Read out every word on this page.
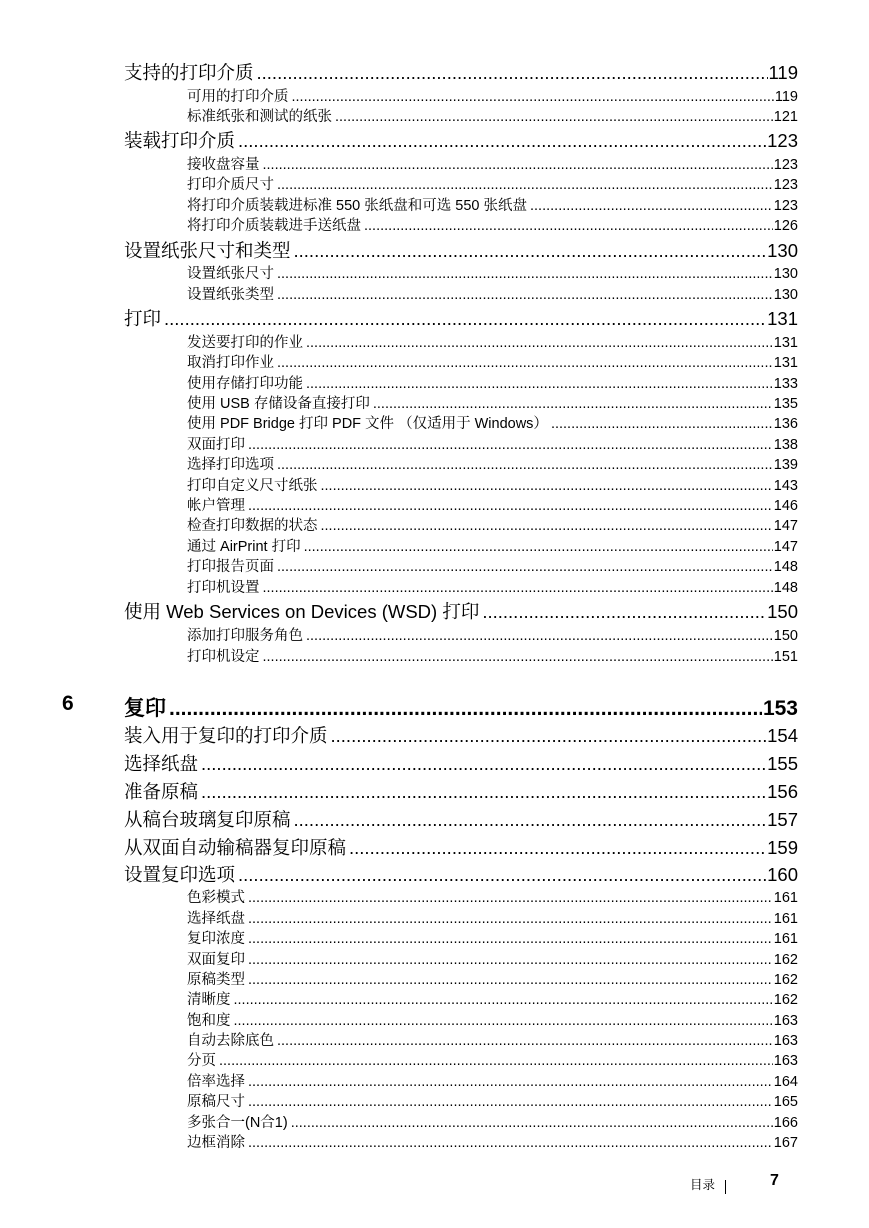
支持的打印介质 .....	119
可用的打印介质 .....	119
标准纸张和测试的纸张 .....	121
装载打印介质 .....	123
接收盘容量 .....	123
打印介质尺寸 .....	123
将打印介质装载进标准 550 张纸盘和可选 550 张纸盘 .....	123
将打印介质装载进手送纸盘 .....	126
设置纸张尺寸和类型 .....	130
设置纸张尺寸 .....	130
设置纸张类型 .....	130
打印 .....	131
发送要打印的作业 .....	131
取消打印作业 .....	131
使用存储打印功能 .....	133
使用 USB 存储设备直接打印 .....	135
使用 PDF Bridge 打印 PDF 文件 （仅适用于 Windows） .....	136
双面打印 .....	138
选择打印选项 .....	139
打印自定义尺寸纸张 .....	143
帐户管理 .....	146
检查打印数据的状态 .....	147
通过 AirPrint 打印 .....	147
打印报告页面 .....	148
打印机设置 .....	148
使用 Web Services on Devices (WSD) 打印 .....	150
添加打印服务角色 .....	150
打印机设定 .....	151
复印 .....	153
6
装入用于复印的打印介质 .....	154
选择纸盘 .....	155
准备原稿 .....	156
从稿台玻璃复印原稿 .....	157
从双面自动输稿器复印原稿 .....	159
设置复印选项 .....	160
色彩模式 .....	161
选择纸盘 .....	161
复印浓度 .....	161
双面复印 .....	162
原稿类型 .....	162
清晰度 .....	162
饱和度 .....	163
自动去除底色 .....	163
分页 .....	163
倍率选择 .....	164
原稿尺寸 .....	165
多张合一(N合1) .....	166
边框消除 .....	167
目录	7
